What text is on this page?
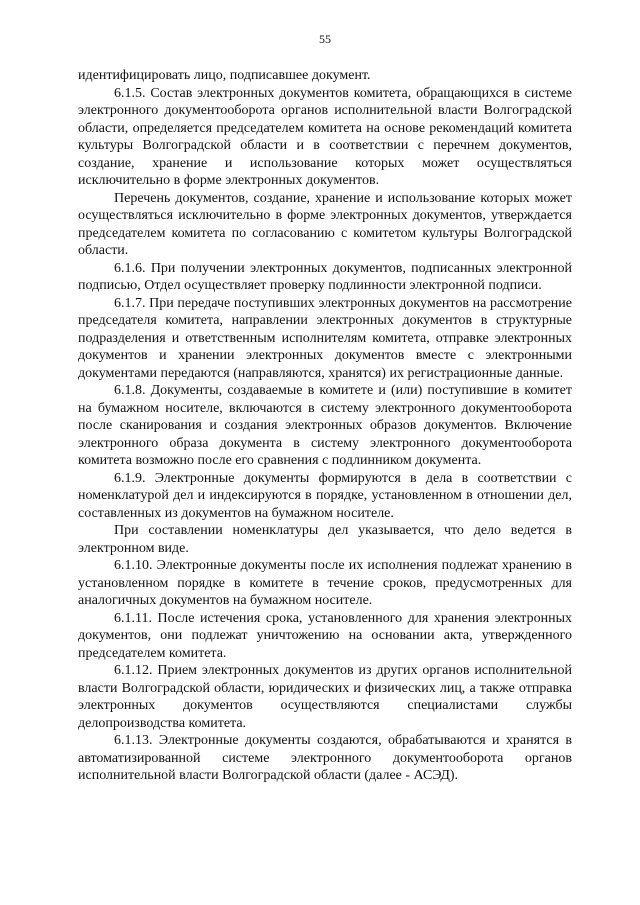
55

идентифицировать лицо, подписавшее документ.

6.1.5. Состав электронных документов комитета, обращающихся в системе электронного документооборота органов исполнительной власти Волгоградской области, определяется председателем комитета на основе рекомендаций комитета культуры Волгоградской области и в соответствии с перечнем документов, создание, хранение и использование которых может осуществляться исключительно в форме электронных документов.

Перечень документов, создание, хранение и использование которых может осуществляться исключительно в форме электронных документов, утверждается председателем комитета по согласованию с комитетом культуры Волгоградской области.

6.1.6. При получении электронных документов, подписанных электронной подписью, Отдел осуществляет проверку подлинности электронной подписи.

6.1.7. При передаче поступивших электронных документов на рассмотрение председателя комитета, направлении электронных документов в структурные подразделения и ответственным исполнителям комитета, отправке электронных документов и хранении электронных документов вместе с электронными документами передаются (направляются, хранятся) их регистрационные данные.

6.1.8. Документы, создаваемые в комитете и (или) поступившие в комитет на бумажном носителе, включаются в систему электронного документооборота после сканирования и создания электронных образов документов. Включение электронного образа документа в систему электронного документооборота комитета возможно после его сравнения с подлинником документа.

6.1.9. Электронные документы формируются в дела в соответствии с номенклатурой дел и индексируются в порядке, установленном в отношении дел, составленных из документов на бумажном носителе.

При составлении номенклатуры дел указывается, что дело ведется в электронном виде.

6.1.10. Электронные документы после их исполнения подлежат хранению в установленном порядке в комитете в течение сроков, предусмотренных для аналогичных документов на бумажном носителе.

6.1.11. После истечения срока, установленного для хранения электронных документов, они подлежат уничтожению на основании акта, утвержденного председателем комитета.

6.1.12. Прием электронных документов из других органов исполнительной власти Волгоградской области, юридических и физических лиц, а также отправка электронных документов осуществляются специалистами службы делопроизводства комитета.

6.1.13. Электронные документы создаются, обрабатываются и хранятся в автоматизированной системе электронного документооборота органов исполнительной власти Волгоградской области (далее - АСЭД).
